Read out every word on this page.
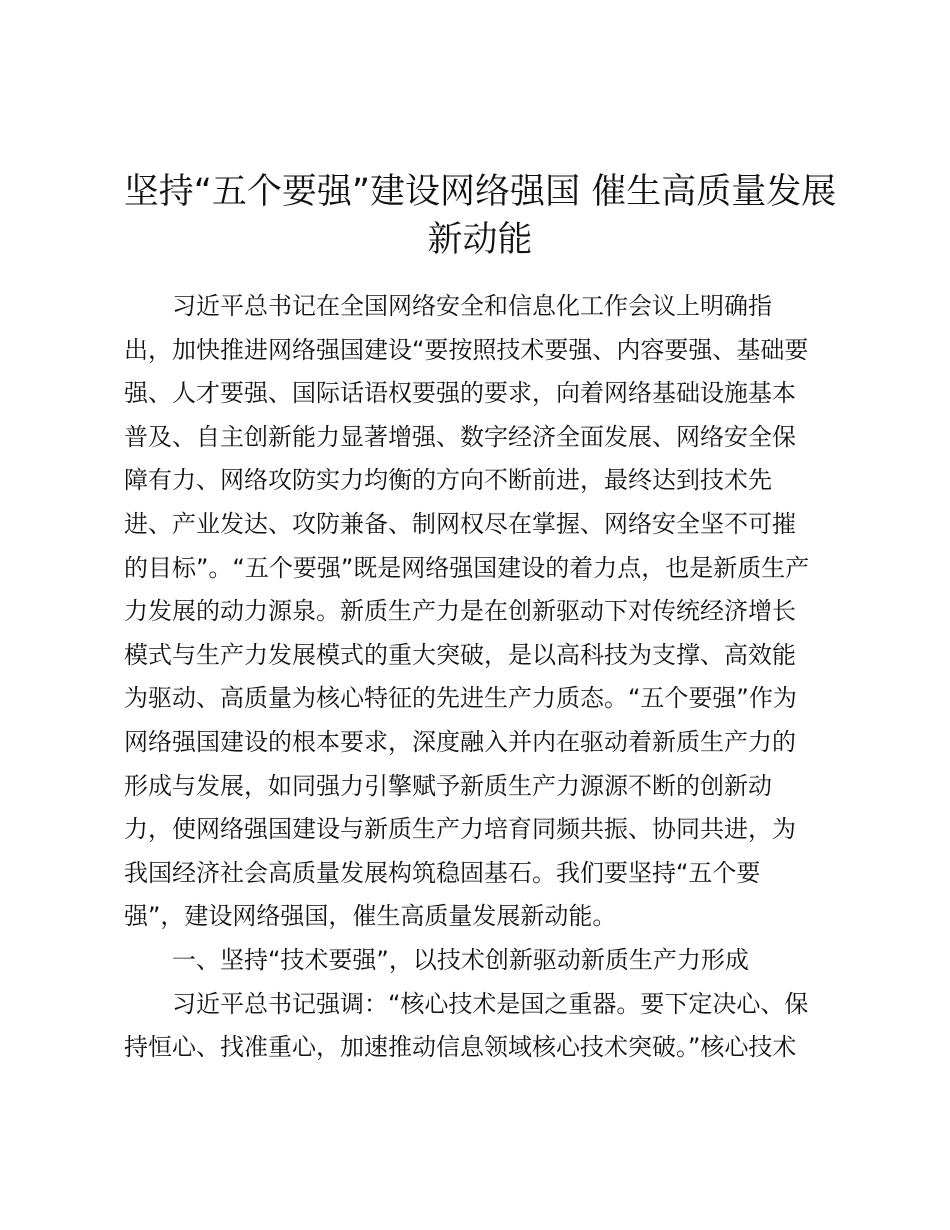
坚持“五个要强”建设网络强国 催生高质量发展
新动能
习近平总书记在全国网络安全和信息化工作会议上明确指
出，加快推进网络强国建设“要按照技术要强、内容要强、基础要
强、人才要强、国际话语权要强的要求，向着网络基础设施基本
普及、自主创新能力显著增强、数字经济全面发展、网络安全保
障有力、网络攻防实力均衡的方向不断前进，最终达到技术先
进、产业发达、攻防兼备、制网权尽在掌握、网络安全坚不可摧
的目标”。“五个要强”既是网络强国建设的着力点，也是新质生产
力发展的动力源泉。新质生产力是在创新驱动下对传统经济增长
模式与生产力发展模式的重大突破，是以高科技为支撑、高效能
为驱动、高质量为核心特征的先进生产力质态。“五个要强”作为
网络强国建设的根本要求，深度融入并内在驱动着新质生产力的
形成与发展，如同强力引擎赋予新质生产力源源不断的创新动
力，使网络强国建设与新质生产力培育同频共振、协同共进，为
我国经济社会高质量发展构筑稳固基石。我们要坚持“五个要
强”，建设网络强国，催生高质量发展新动能。
一、坚持“技术要强”，以技术创新驱动新质生产力形成
习近平总书记强调：“核心技术是国之重器。要下定决心、保
持恒心、找准重心，加速推动信息领域核心技术突破。”核心技术
